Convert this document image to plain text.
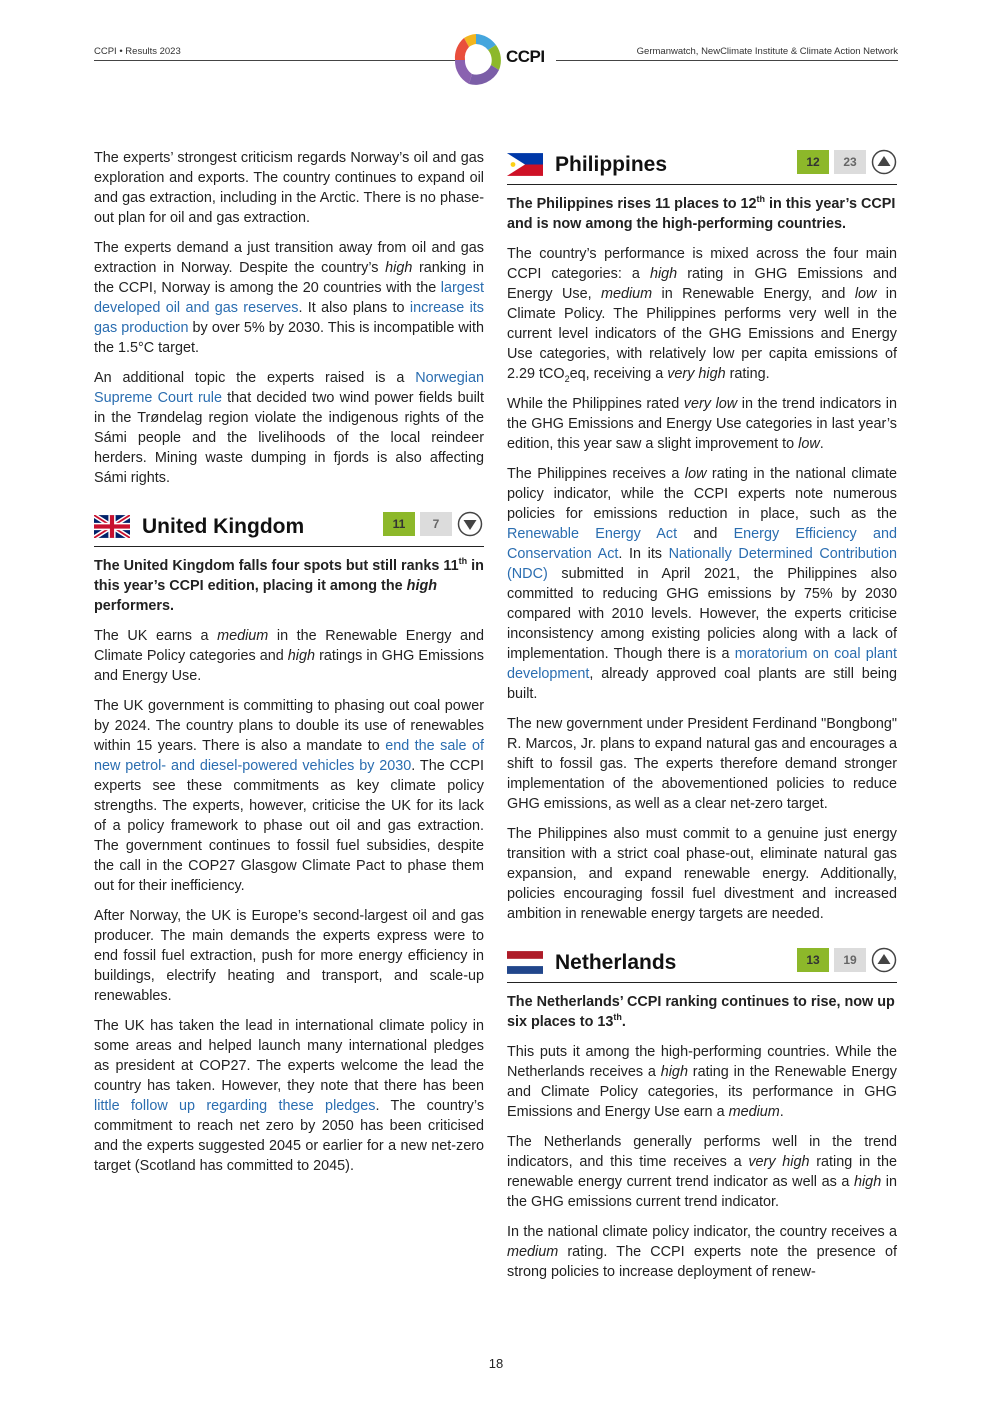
CCPI • Results 2023	Germanwatch, NewClimate Institute & Climate Action Network
CCPI

The experts’ strongest criticism regards Norway’s oil and gas exploration and exports. The country continues to expand oil and gas extraction, including in the Arctic. There is no phase-out plan for oil and gas extraction.

The experts demand a just transition away from oil and gas extraction in Norway. Despite the country’s high ranking in the CCPI, Norway is among the 20 countries with the largest developed oil and gas reserves. It also plans to increase its gas production by over 5% by 2030. This is incompatible with the 1.5°C target.

An additional topic the experts raised is a Norwegian Supreme Court rule that decided two wind power fields built in the Trøndelag region violate the indigenous rights of the Sámi people and the livelihoods of the local reindeer herders. Mining waste dumping in fjords is also affecting Sámi rights.

United Kingdom	11	7

The United Kingdom falls four spots but still ranks 11th in this year’s CCPI edition, placing it among the high performers.

The UK earns a medium in the Renewable Energy and Climate Policy categories and high ratings in GHG Emissions and Energy Use.

The UK government is committing to phasing out coal power by 2024. The country plans to double its use of renewables within 15 years. There is also a mandate to end the sale of new petrol- and diesel-powered vehicles by 2030. The CCPI experts see these commitments as key climate policy strengths. The experts, however, criticise the UK for its lack of a policy framework to phase out oil and gas extraction. The government continues to fossil fuel subsidies, despite the call in the COP27 Glasgow Climate Pact to phase them out for their inefficiency.

After Norway, the UK is Europe’s second-largest oil and gas producer. The main demands the experts express were to end fossil fuel extraction, push for more energy efficiency in buildings, electrify heating and transport, and scale-up renewables.

The UK has taken the lead in international climate policy in some areas and helped launch many international pledges as president at COP27. The experts welcome the lead the country has taken. However, they note that there has been little follow up regarding these pledges. The country’s commitment to reach net zero by 2050 has been criticised and the experts suggested 2045 or earlier for a new net-zero target (Scotland has committed to 2045).

Philippines	12	23

The Philippines rises 11 places to 12th in this year’s CCPI and is now among the high-performing countries.

The country’s performance is mixed across the four main CCPI categories: a high rating in GHG Emissions and Energy Use, medium in Renewable Energy, and low in Climate Policy. The Philippines performs very well in the current level indicators of the GHG Emissions and Energy Use categories, with relatively low per capita emissions of 2.29 tCO$_2$eq, receiving a very high rating.

While the Philippines rated very low in the trend indicators in the GHG Emissions and Energy Use categories in last year’s edition, this year saw a slight improvement to low.

The Philippines receives a low rating in the national climate policy indicator, while the CCPI experts note numerous policies for emissions reduction in place, such as the Renewable Energy Act and Energy Efficiency and Conservation Act. In its Nationally Determined Contribution (NDC) submitted in April 2021, the Philippines also committed to reducing GHG emissions by 75% by 2030 compared with 2010 levels. However, the experts criticise inconsistency among existing policies along with a lack of implementation. Though there is a moratorium on coal plant development, already approved coal plants are still being built.

The new government under President Ferdinand "Bongbong" R. Marcos, Jr. plans to expand natural gas and encourages a shift to fossil gas. The experts therefore demand stronger implementation of the abovementioned policies to reduce GHG emissions, as well as a clear net-zero target.

The Philippines also must commit to a genuine just energy transition with a strict coal phase-out, eliminate natural gas expansion, and expand renewable energy. Additionally, policies encouraging fossil fuel divestment and increased ambition in renewable energy targets are needed.

Netherlands	13	19

The Netherlands’ CCPI ranking continues to rise, now up six places to 13th.

This puts it among the high-performing countries. While the Netherlands receives a high rating in the Renewable Energy and Climate Policy categories, its performance in GHG Emissions and Energy Use earn a medium.

The Netherlands generally performs well in the trend indicators, and this time receives a very high rating in the renewable energy current trend indicator as well as a high in the GHG emissions current trend indicator.

In the national climate policy indicator, the country receives a medium rating. The CCPI experts note the presence of strong policies to increase deployment of renew-

18
